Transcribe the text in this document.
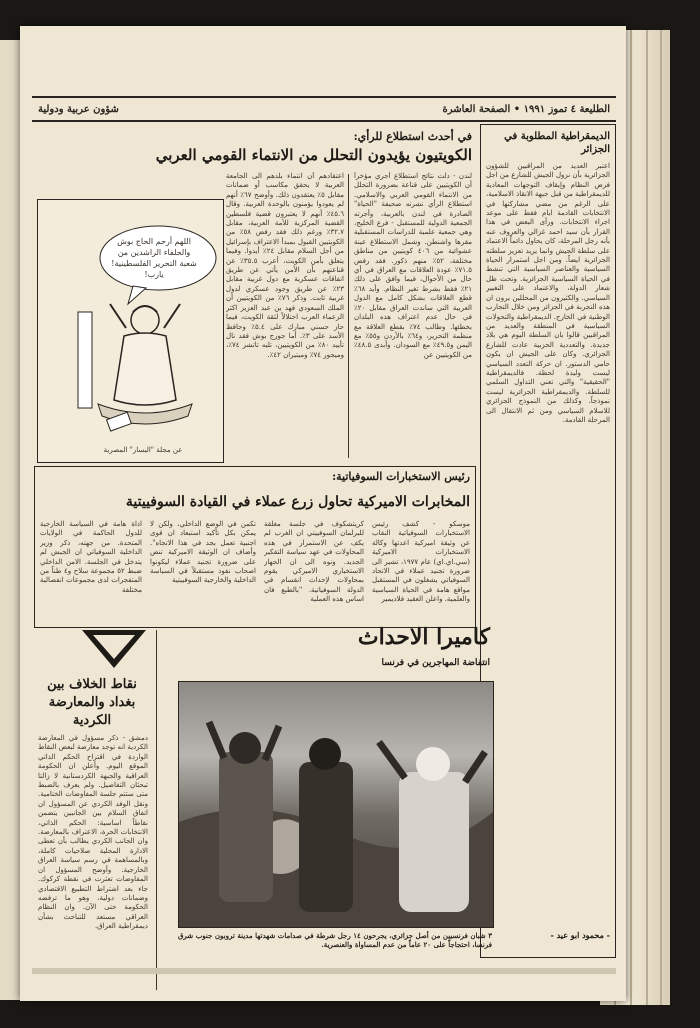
الطليعة ٤ تموز ١٩٩١ • الصفحة العاشرة
شؤون عربية ودولية
الديمقراطية المطلوبة في الجزائر
اعتبر العديد من المراقبين للشؤون الجزائرية بأن نزول الجيش للشارع من اجل فرض النظام وإيقاف التوجهات المعادية للديمقراطية من قبل جبهة الانقاذ الاسلامية، على الرغم من مضي مشاركتها في الانتخابات القادمة ايام فقط على موعد اجراء الانتخابات. ورأى البعض في هذا القرار بأن سيد احمد غزالي والعروف عنه بأنه رجل المرحلة، كان يحاول دائماً الاعتماد على سلطة الجيش وانما يريد تعزيز سلطته الجزائرية ايضاً. ومن اجل استمرار الحياة السياسية والعناصر السياسية التي تنشط في الحياة السياسية الجزائرية. وتحت ظل شعار الدولة، والاعتماد على التغيير السياسي. والكثيرون من المحللين يرون ان هذه التجربة في الجزائر ومن خلال التجارب الوطنية في الخارج. الديمقراطية والتحولات السياسية في المنطقة والعديد من المراقبين قالوا بان السلطة اليوم هي بلاد جديدة. والتعددية الحزبية عادت للشارع الجزائري. وكان على الجيش ان يكون حامي الدستور. ان حركة التعدد السياسي ليست وليدة لحظة. فالديمقراطية "الحقيقية" والتي تعني التداول السلمي للسلطة. والديمقراطية الجزائرية ليست نموذجاً. وكذلك من النموذج الجزائري للاسلام السياسي ومن ثم الانتقال الى المرحلة القادمة.
- محمود ابو عيد -
في أحدث استطلاع للرأي:
الكويتيون يؤيدون التحلل من الانتماء القومي العربي
لندن - دلت نتائج استطلاع أجري مؤخراً أن الكويتيين على قناعة بضرورة التحلل من الانتماء القومي العربي والاسلامي. استطلاع الرأي نشرته صحيفة "الحياة" الصادرة في لندن بالعربية، وأجرته الجمعية الدولية للمستقبل - فرع الخليج، وهي جمعية علمية للدراسات المستقبلية مقرها واشنطن. وشمل الاستطلاع عينة عشوائية من ٤٠٦ كويتيين من مناطق مختلفة، ٥٢٪ منهم ذكور. فقد رفض ٧١.٥٪ عودة العلاقات مع العراق في أي حال من الأحوال، فيما وافق على ذلك ٢١٪ فقط بشرط تغير النظام. وأيد ٦٨٪ قطع العلاقات بشكل كامل مع الدول العربية التي ساندت العراق مقابل ٢٠٪ في حال عدم اعتراف هذه البلدان بخطئها. وطالب ٧٤٪ بقطع العلاقة مع منظمة التحرير، و٦٤٪ بالأردن و٥٥٪ مع اليمن و٤٩.٥٪ مع السودان. وأبدى ٤٨.٥٪ من الكويتيين عن
اعتقادهم أن انتماء بلدهم الى الجامعة العربية لا يحقق مكاسب أو ضمانات مقابل ٥٪ يعتقدون ذلك. وأوضح ٦٧٪ أنهم لم يعودوا يؤمنون بالوحدة العربية. وقال ٤٥.٦٪ أنهم لا يعتبرون قضية فلسطين القضية المركزية للأمة العربية، مقابل ٣٢.٧٪ ورغم ذلك فقد رفض ٥٨٪ من الكويتيين القبول بمبدأ الاعتراف بإسرائيل من أجل السلام مقابل ٢٤٪ أيدوا. وفيما يتعلق بأمن الكويت، أعرب ٣٥.٥٪ عن قناعتهم بأن الأمن يأتي عن طريق اتفاقات عسكرية مع دول غربية مقابل ٢٣٪ عن طريق وجود عسكري لدول غربية ثابت. وذكر ٧٦٪ من الكويتيين أن الملك السعودي فهد بن عبد العزيز اكثر الزعماء العرب احتلالاً لثقة الكويت، فيما حاز حسني مبارك على ٥.٤٪ وحافظ الأسد على ٣٪. أما جورج بوش فقد نال تأييد ٨٠٪ من الكويتيين، تليه تاتشر ٧٤٪، وميجور ٧٤٪ وميتيران ٤٢٪.
اللهم أرحم الحاج بوش والحلفاء الراشدين من شعبة التحرير الفلسطينية! يارب!
عن مجلة "اليسار" المصرية
رئيس الاستخبارات السوفياتية:
المخابرات الاميركية تحاول زرع عملاء في القيادة السوفييتية
موسكو - كشف رئيس الاستخبارات السوفياتية النقاب عن وثيقة اميركية اعدتها وكالة الاستخبارات الاميركية (سي.اي.اي) عام ١٩٧٧، تشير الى ضرورة تجنيد عملاء في الاتحاد السوفياتي يشغلون في المستقبل مواقع هامة في الحياة السياسية والعلمية. واعلن العقيد فلاديمير
كريتشكوف في جلسة مغلقة للبرلمان السوفييتي ان الغرب لم يكف عن الاستمرار في هذه المحاولات في عهد سياسة التفكير الجديد. ونوه الى ان الجهاز الاستخباري الاميركي يقوم بمحاولات لإحداث انقسام في الدولة السوفياتية. "بالطبع فان اساس هذه العملية
تكمن في الوضع الداخلي، ولكن لا يمكن بكل تأكيد استبعاد ان قوى اجنبية تعمل بجد في هذا الاتجاه". وأضاف ان الوثيقة الاميركية تنص على ضرورة تجنيد عملاء ليكونوا اصحاب نفوذ مستقبلاً في السياسة الداخلية والخارجية السوفييتية
اداة هامة في السياسة الخارجية للدول الحاكمة في الولايات المتحدة. من جهته، ذكر وزير الداخلية السوفياتي ان الجيش لم يتدخل في الجلسة. الامن الداخلي ضبط ٥٢ مجموعة سلاح و٤ طناً من المتفجرات لدى مجموعات انفصالية مختلفة
نقاط الخلاف بين بغداد والمعارضة الكردية
دمشق - ذكر مسؤول في المعارضة الكردية انه توجد معارضة لبعض النقاط الواردة في اقتراح الحكم الذاتي الموقع اليوم. وأعلن ان الحكومة العراقية والجبهة الكردستانية لا زالتا تبحثان التفاصيل. ولم يعرف بالضبط متى ستتم جلسة المفاوضات الختامية. ونقل الوفد الكردي عن المسؤول ان اتفاق السلام بين الجانبين يتضمن نقاطاً اساسية: الحكم الذاتي، الانتخابات الحرة، الاعتراف بالمعارضة. وان الجانب الكردي يطالب بأن تعطى الادارة المحلية صلاحيات كاملة، وبالمساهمة في رسم سياسة العراق الخارجية. وأوضح المسؤول ان المفاوضات تعثرت في نقطة كركوك. جاء بعد اشتراط التطبيع الاقتصادي وضمانات دولية، وهو ما ترفضه الحكومة حتى الآن. وان النظام العراقي مستعد للتباحث بشأن ديمقراطية العراق.
كاميرا الاحداث
انتفاضة المهاجرين في فرنسا
٣ شبان فرنسيين من أصل جزائري، يجرحون ١٤ رجل شرطة في صدامات شهدتها مدينة تروبون جنوب شرق فرنسا، احتجاجاً على ٢٠ عاماً من عدم المساواة والعنصرية.
